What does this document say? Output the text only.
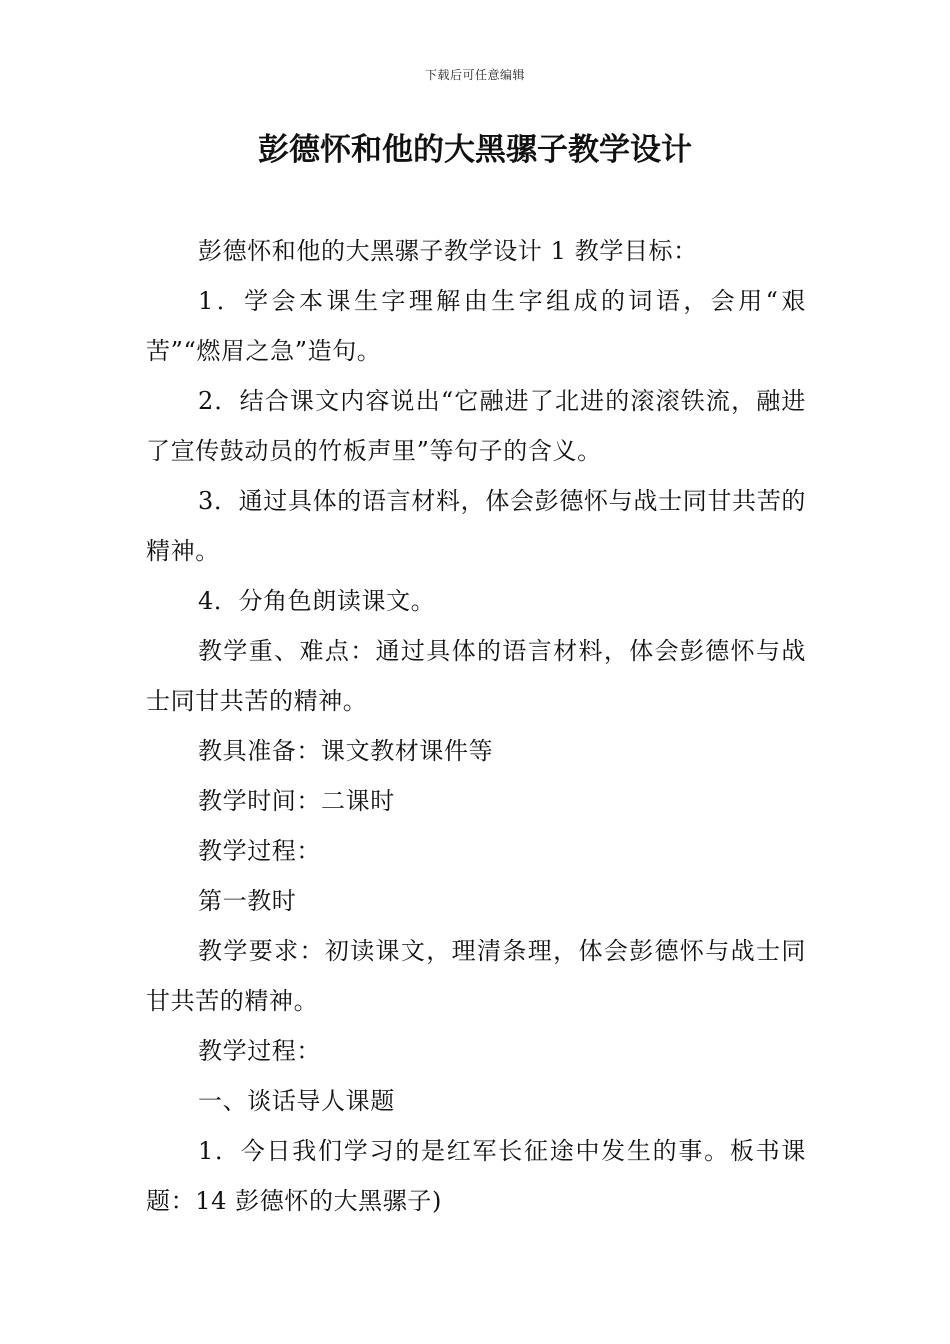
下载后可任意编辑
彭德怀和他的大黑骡子教学设计

彭德怀和他的大黑骡子教学设计 1 教学目标：

1．学会本课生字理解由生字组成的词语，会用“艰苦”“燃眉之急”造句。

2．结合课文内容说出“它融进了北进的滚滚铁流，融进了宣传鼓动员的竹板声里”等句子的含义。

3．通过具体的语言材料，体会彭德怀与战士同甘共苦的精神。

4．分角色朗读课文。

教学重、难点：通过具体的语言材料，体会彭德怀与战士同甘共苦的精神。

教具准备：课文教材课件等

教学时间：二课时

教学过程：

第一教时

教学要求：初读课文，理清条理，体会彭德怀与战士同甘共苦的精神。

教学过程：

一、谈话导人课题

1．今日我们学习的是红军长征途中发生的事。板书课题：14 彭德怀的大黑骡子)
